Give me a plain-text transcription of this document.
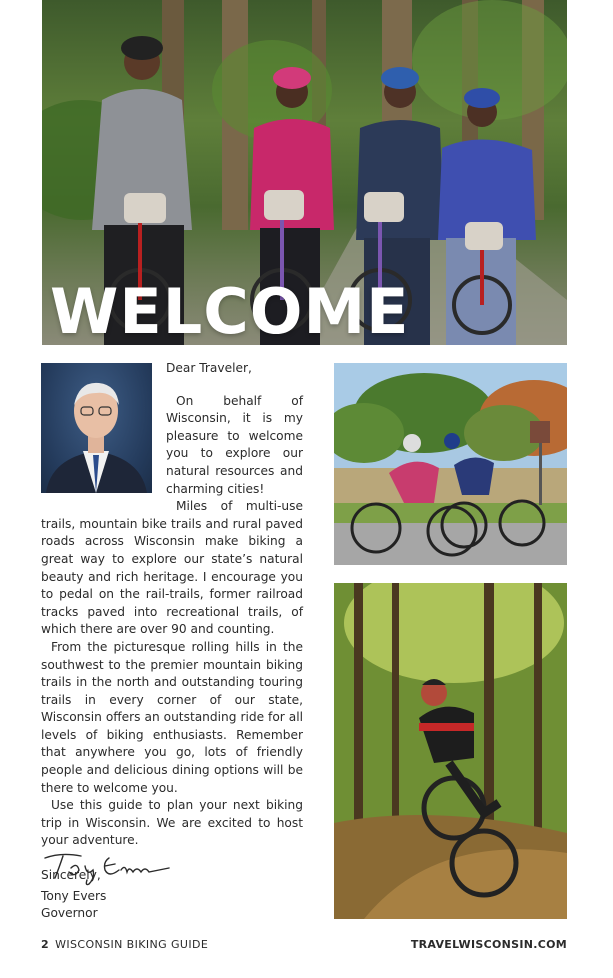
WELCOME

Dear Traveler,

On behalf of Wisconsin, it is my pleasure to welcome you to explore our natural resources and charming cities!

Miles of multi-use trails, mountain bike trails and rural paved roads across Wisconsin make biking a great way to explore our state’s natural beauty and rich heritage. I encourage you to pedal on the rail-trails, former railroad tracks paved into recreational trails, of which there are over 90 and counting.

From the picturesque rolling hills in the southwest to the premier mountain biking trails in the north and outstanding touring trails in every corner of our state, Wisconsin offers an outstanding ride for all levels of biking enthusiasts. Remember that anywhere you go, lots of friendly people and delicious dining options will be there to welcome you.

Use this guide to plan your next biking trip in Wisconsin. We are excited to host your adventure.

Sincerely,

Tony Evers
Governor
2 WISCONSIN BIKING GUIDE	TRAVELWISCONSIN.COM
